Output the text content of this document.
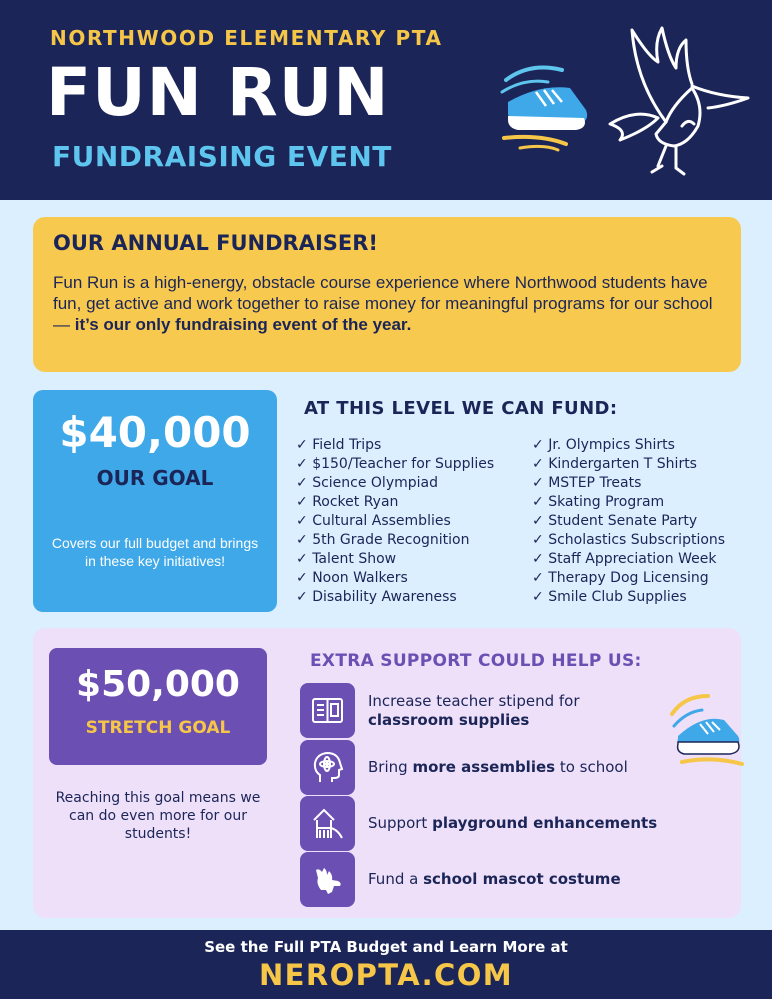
NORTHWOOD ELEMENTARY PTA
FUN RUN
FUNDRAISING EVENT
OUR ANNUAL FUNDRAISER!
Fun Run is a high-energy, obstacle course experience where Northwood students have fun, get active and work together to raise money for meaningful programs for our school — it’s our only fundraising event of the year.
$40,000
OUR GOAL
Covers our full budget and brings in these key initiatives!
AT THIS LEVEL WE CAN FUND:
✓ Field Trips
✓ $150/Teacher for Supplies
✓ Science Olympiad
✓ Rocket Ryan
✓ Cultural Assemblies
✓ 5th Grade Recognition
✓ Talent Show
✓ Noon Walkers
✓ Disability Awareness
✓ Jr. Olympics Shirts
✓ Kindergarten T Shirts
✓ MSTEP Treats
✓ Skating Program
✓ Student Senate Party
✓ Scholastics Subscriptions
✓ Staff Appreciation Week
✓ Therapy Dog Licensing
✓ Smile Club Supplies
$50,000
STRETCH GOAL
Reaching this goal means we can do even more for our students!
EXTRA SUPPORT COULD HELP US:
Increase teacher stipend for
classroom supplies
Bring more assemblies to school
Support playground enhancements
Fund a school mascot costume
See the Full PTA Budget and Learn More at
NEROPTA.COM
